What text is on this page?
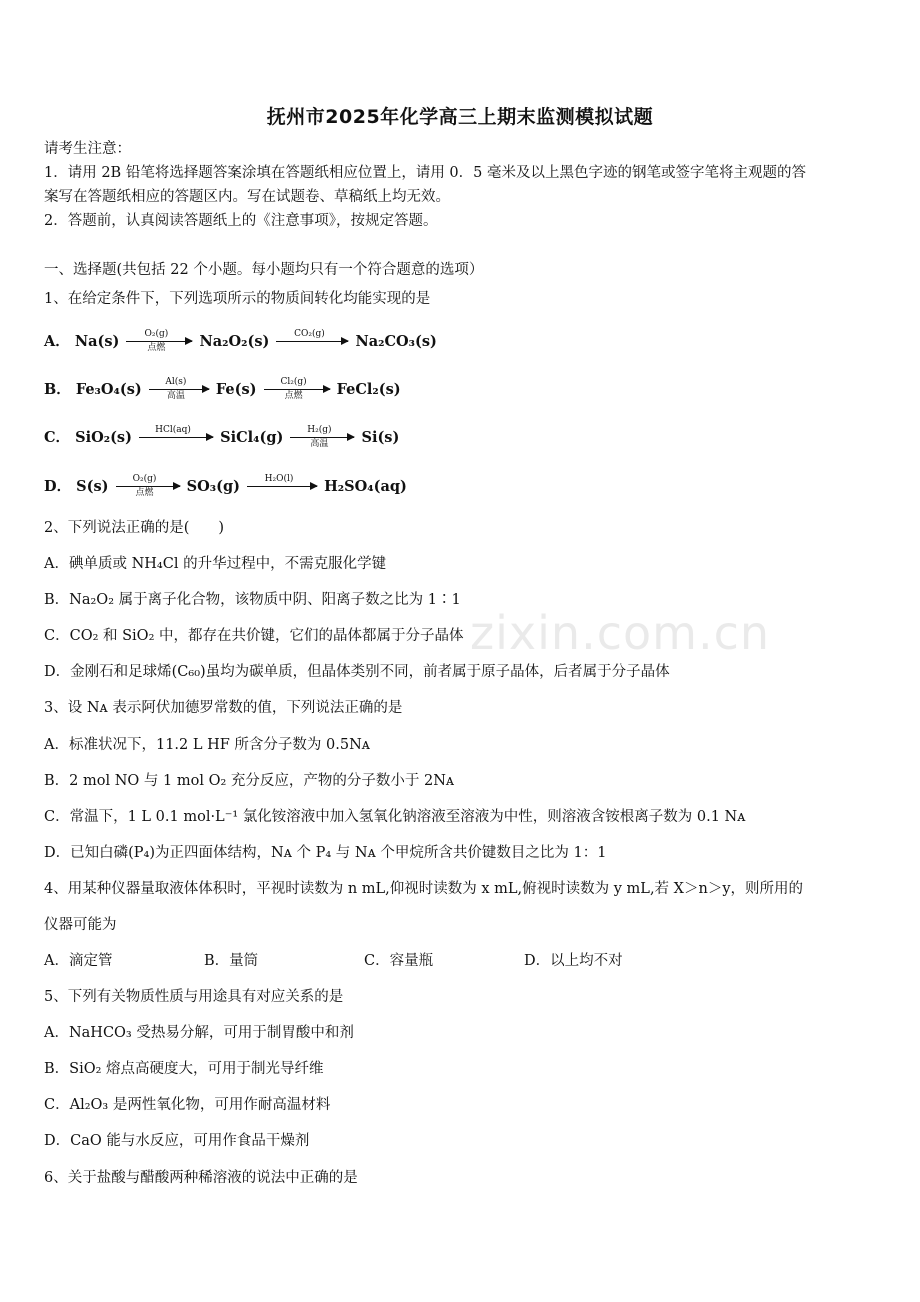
抚州市2025年化学高三上期末监测模拟试题
请考生注意：
1．请用 2B 铅笔将选择题答案涂填在答题纸相应位置上，请用 0．5 毫米及以上黑色字迹的钢笔或签字笔将主观题的答
案写在答题纸相应的答题区内。写在试题卷、草稿纸上均无效。
2．答题前，认真阅读答题纸上的《注意事项》，按规定答题。
一、选择题(共包括 22 个小题。每小题均只有一个符合题意的选项）
1、在给定条件下，下列选项所示的物质间转化均能实现的是
A． Na(s)	O₂(g)
点燃	Na₂O₂(s)	CO₂(g)	Na₂CO₃(s)
B． Fe₃O₄(s)	Al(s)
高温	Fe(s)	Cl₂(g)
点燃	FeCl₂(s)
C． SiO₂(s)	HCl(aq)	SiCl₄(g)	H₂(g)
高温	Si(s)
D． S(s)	O₂(g)
点燃	SO₃(g)	H₂O(l)	H₂SO₄(aq)
2、下列说法正确的是(　　)
A．碘单质或 NH₄Cl 的升华过程中，不需克服化学键
B．Na₂O₂ 属于离子化合物，该物质中阴、阳离子数之比为 1∶1
C．CO₂ 和 SiO₂ 中，都存在共价键，它们的晶体都属于分子晶体
D．金刚石和足球烯(C₆₀)虽均为碳单质，但晶体类别不同，前者属于原子晶体，后者属于分子晶体
3、设 Nᴀ 表示阿伏加德罗常数的值，下列说法正确的是
A．标准状况下，11.2 L HF 所含分子数为 0.5Nᴀ
B．2 mol NO 与 1 mol O₂ 充分反应，产物的分子数小于 2Nᴀ
C．常温下，1 L 0.1 mol·L⁻¹ 氯化铵溶液中加入氢氧化钠溶液至溶液为中性，则溶液含铵根离子数为 0.1 Nᴀ
D．已知白磷(P₄)为正四面体结构，Nᴀ 个 P₄ 与 Nᴀ 个甲烷所含共价键数目之比为 1：1
4、用某种仪器量取液体体积时，平视时读数为 n mL,仰视时读数为 x mL,俯视时读数为 y mL,若 X＞n＞y，则所用的
仪器可能为
A．滴定管	B．量筒	C．容量瓶	D．以上均不对
5、下列有关物质性质与用途具有对应关系的是
A．NaHCO₃ 受热易分解，可用于制胃酸中和剂
B．SiO₂ 熔点高硬度大，可用于制光导纤维
C．Al₂O₃ 是两性氧化物，可用作耐高温材料
D．CaO 能与水反应，可用作食品干燥剂
6、关于盐酸与醋酸两种稀溶液的说法中正确的是
zixin.com.cn
